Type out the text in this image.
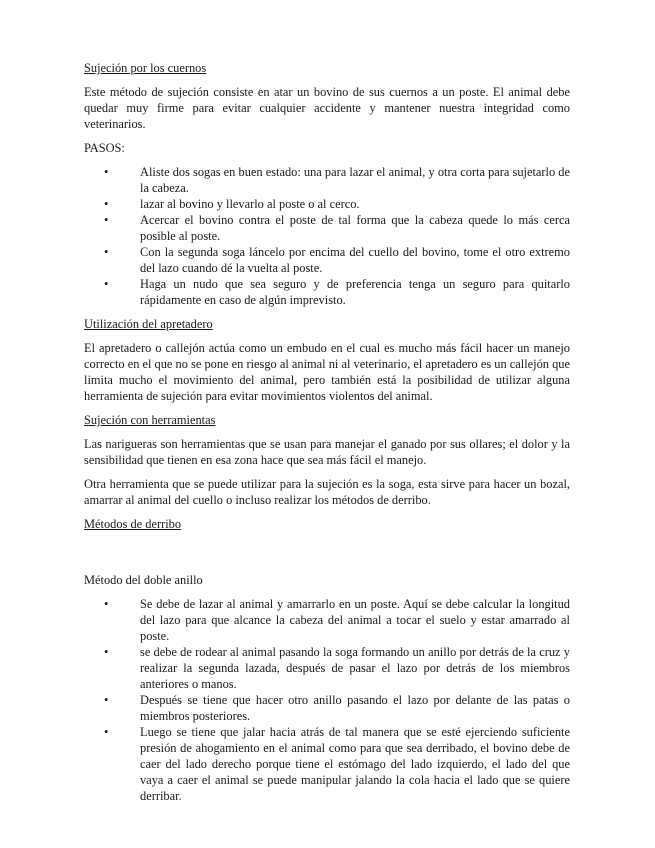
Sujeción por los cuernos
Este método de sujeción consiste en atar un bovino de sus cuernos a un poste. El animal debe quedar muy firme para evitar cualquier accidente y mantener nuestra integridad como veterinarios.
PASOS:
•	Aliste dos sogas en buen estado: una para lazar el animal, y otra corta para sujetarlo de la cabeza.
•	lazar al bovino y llevarlo al poste o al cerco.
•	Acercar el bovino contra el poste de tal forma que la cabeza quede lo más cerca posible al poste.
•	Con la segunda soga láncelo por encima del cuello del bovino, tome el otro extremo del lazo cuando dé la vuelta al poste.
•	Haga un nudo que sea seguro y de preferencia tenga un seguro para quitarlo rápidamente en caso de algún imprevisto.
Utilización del apretadero
El apretadero o callejón actúa como un embudo en el cual es mucho más fácil hacer un manejo correcto en el que no se pone en riesgo al animal ni al veterinario, el apretadero es un callejón que limita mucho el movimiento del animal, pero también está la posibilidad de utilizar alguna herramienta de sujeción para evitar movimientos violentos del animal.
Sujeción con herramientas
Las narigueras son herramientas que se usan para manejar el ganado por sus ollares; el dolor y la sensibilidad que tienen en esa zona hace que sea más fácil el manejo.
Otra herramienta que se puede utilizar para la sujeción es la soga, esta sirve para hacer un bozal, amarrar al animal del cuello o incluso realizar los métodos de derribo.
Métodos de derribo
Método del doble anillo
•	Se debe de lazar al animal y amarrarlo en un poste. Aquí se debe calcular la longitud del lazo para que alcance la cabeza del animal a tocar el suelo y estar amarrado al poste.
•	se debe de rodear al animal pasando la soga formando un anillo por detrás de la cruz y realizar la segunda lazada, después de pasar el lazo por detrás de los miembros anteriores o manos.
•	Después se tiene que hacer otro anillo pasando el lazo por delante de las patas o miembros posteriores.
•	Luego se tiene que jalar hacia atrás de tal manera que se esté ejerciendo suficiente presión de ahogamiento en el animal como para que sea derribado, el bovino debe de caer del lado derecho porque tiene el estómago del lado izquierdo, el lado del que vaya a caer el animal se puede manipular jalando la cola hacia el lado que se quiere derribar.
